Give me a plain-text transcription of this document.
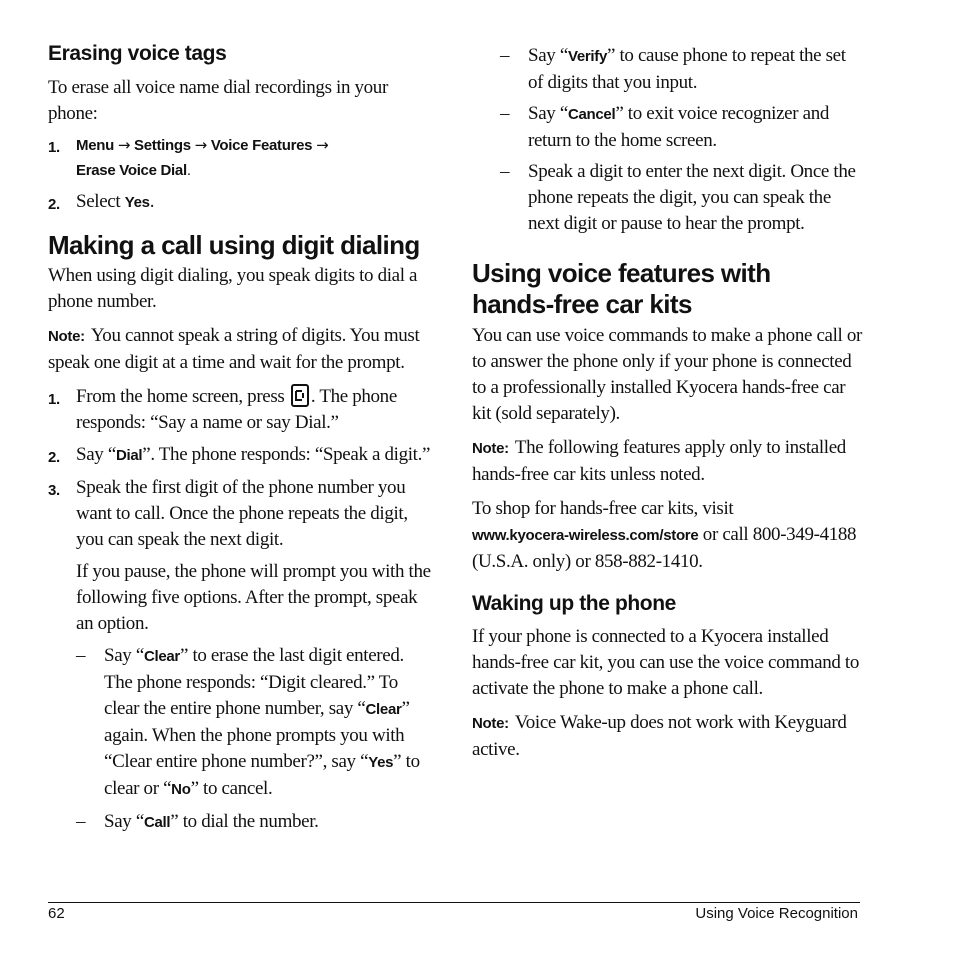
Erasing voice tags

To erase all voice name dial recordings in your phone:

1. Menu → Settings → Voice Features →
Erase Voice Dial.
2. Select Yes.
Making a call using digit dialing

When using digit dialing, you speak digits to dial a phone number.

Note: You cannot speak a string of digits. You must speak one digit at a time and wait for the prompt.

1. From the home screen, press
. The phone responds: “Say a name or say Dial.”
2. Say “Dial”. The phone responds: “Speak a digit.”
3. Speak the first digit of the phone number you want to call. Once the phone repeats the digit, you can speak the next digit.

If you pause, the phone will prompt you with the following five options. After the prompt, speak an option.

– Say “Clear” to erase the last digit entered. The phone responds: “Digit cleared.” To clear the entire phone number, say “Clear” again. When the phone prompts you with “Clear entire phone number?”, say “Yes” to clear or “No” to cancel.
– Say “Call” to dial the number.
– Say “Verify” to cause phone to repeat the set of digits that you input.
– Say “Cancel” to exit voice recognizer and return to the home screen.
– Speak a digit to enter the next digit. Once the phone repeats the digit, you can speak the next digit or pause to hear the prompt.
Using voice features with hands-free car kits

You can use voice commands to make a phone call or to answer the phone only if your phone is connected to a professionally installed Kyocera hands-free car kit (sold separately).

Note: The following features apply only to installed hands-free car kits unless noted.

To shop for hands-free car kits, visit
www.kyocera-wireless.com/store or call 800-349-4188 (U.S.A. only) or 858-882-1410.

Waking up the phone

If your phone is connected to a Kyocera installed hands-free car kit, you can use the voice command to activate the phone to make a phone call.

Note: Voice Wake-up does not work with Keyguard active.

62	Using Voice Recognition
